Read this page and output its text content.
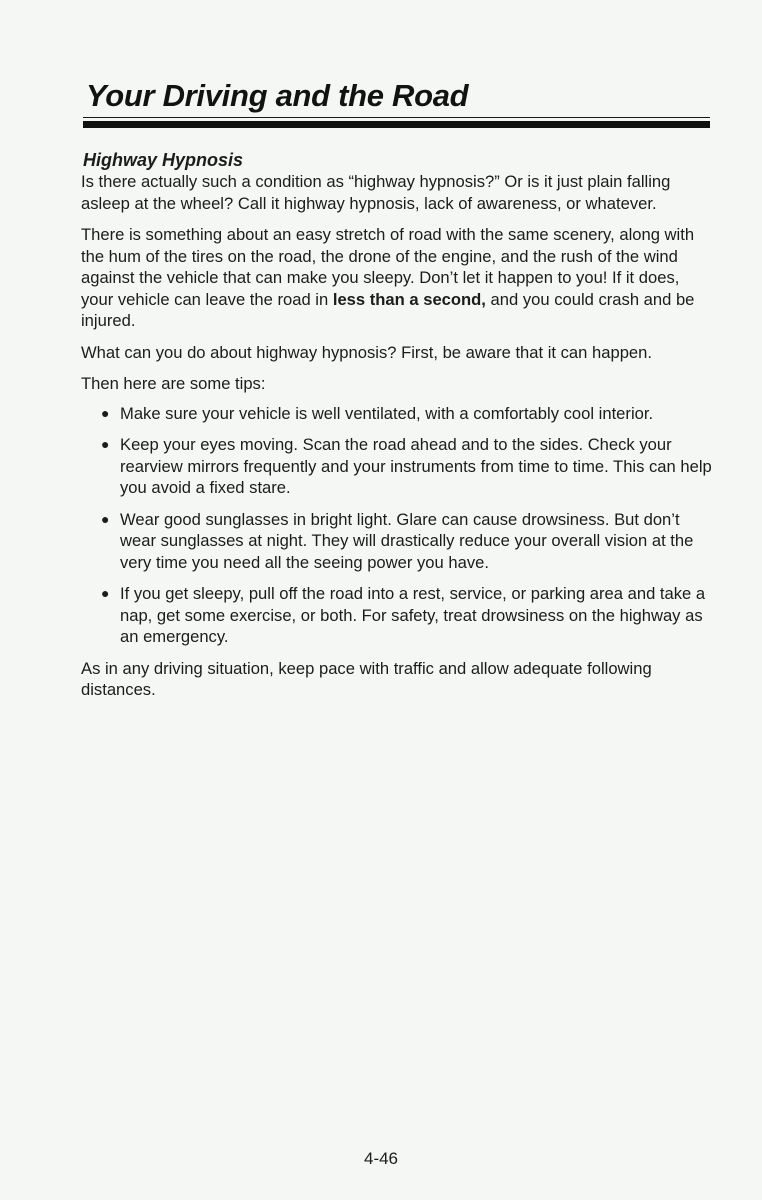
Your Driving and the Road
Highway Hypnosis

Is there actually such a condition as “highway hypnosis?” Or is it just plain falling asleep at the wheel? Call it highway hypnosis, lack of awareness, or whatever.

There is something about an easy stretch of road with the same scenery, along with the hum of the tires on the road, the drone of the engine, and the rush of the wind against the vehicle that can make you sleepy. Don’t let it happen to you! If it does, your vehicle can leave the road in less than a second, and you could crash and be injured.

What can you do about highway hypnosis? First, be aware that it can happen.

Then here are some tips:

● Make sure your vehicle is well ventilated, with a comfortably cool interior.
● Keep your eyes moving. Scan the road ahead and to the sides. Check your rearview mirrors frequently and your instruments from time to time. This can help you avoid a fixed stare.
● Wear good sunglasses in bright light. Glare can cause drowsiness. But don’t wear sunglasses at night. They will drastically reduce your overall vision at the very time you need all the seeing power you have.
● If you get sleepy, pull off the road into a rest, service, or parking area and take a nap, get some exercise, or both. For safety, treat drowsiness on the highway as an emergency.

As in any driving situation, keep pace with traffic and allow adequate following distances.

4-46
